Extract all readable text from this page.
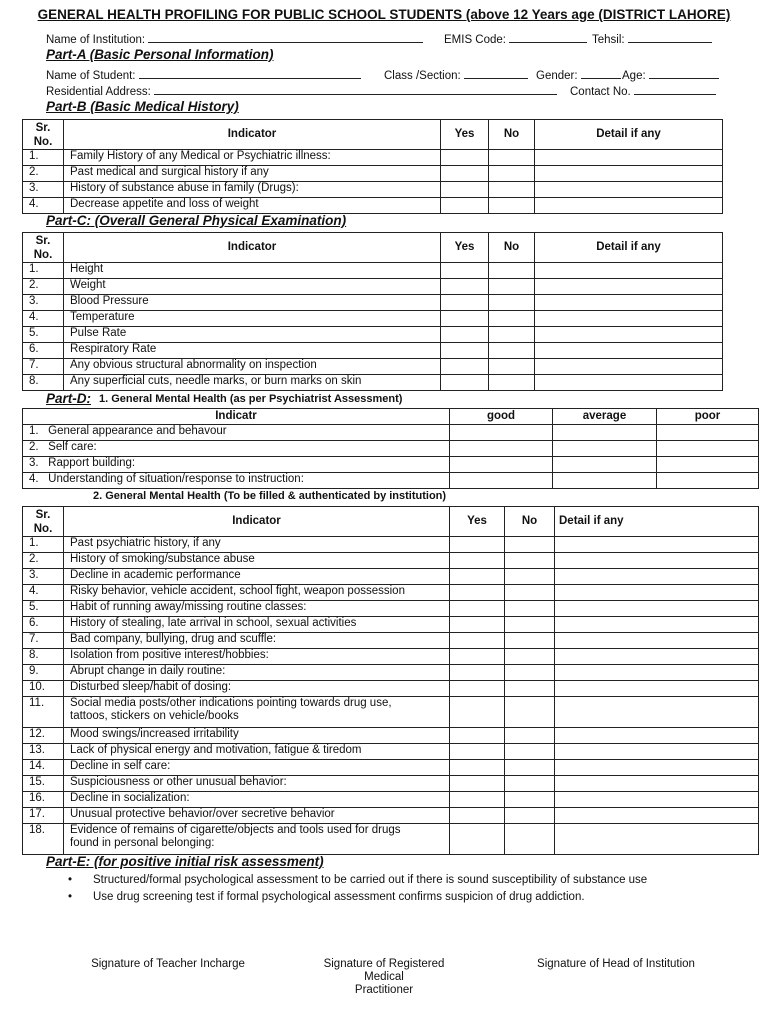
GENERAL HEALTH PROFILING FOR PUBLIC SCHOOL STUDENTS (above 12 Years age (DISTRICT LAHORE)
Name of Institution:	EMIS Code:	Tehsil:
Part-A (Basic Personal Information)
Name of Student:	Class /Section:	Gender:	Age:
Residential Address:	Contact No.
Part-B (Basic Medical History)
Sr. No.	Indicator	Yes	No	Detail if any
1.	Family History of any Medical or Psychiatric illness:			
2.	Past medical and surgical history if any			
3.	History of substance abuse in family (Drugs):			
4.	Decrease appetite and loss of weight			
Part-C: (Overall General Physical Examination)
Sr. No.	Indicator	Yes	No	Detail if any
1.	Height			
2.	Weight			
3.	Blood Pressure			
4.	Temperature			
5.	Pulse Rate			
6.	Respiratory Rate			
7.	Any obvious structural abnormality on inspection			
8.	Any superficial cuts, needle marks, or burn marks on skin			
Part-D: 1. General Mental Health (as per Psychiatrist Assessment)
Indicatr	good	average	poor
1.   General appearance and behavour			
2.   Self care:			
3.   Rapport building:			
4.   Understanding of situation/response to instruction:			
2. General Mental Health (To be filled & authenticated by institution)
Sr. No.	Indicator	Yes	No	Detail if any
1.	Past psychiatric history, if any			
2.	History of smoking/substance abuse			
3.	Decline in academic performance			
4.	Risky behavior, vehicle accident, school fight, weapon possession			
5.	Habit of running away/missing routine classes:			
6.	History of stealing, late arrival in school, sexual activities			
7.	Bad company, bullying, drug and scuffle:			
8.	Isolation from positive interest/hobbies:			
9.	Abrupt change in daily routine:			
10.	Disturbed sleep/habit of dosing:			
11.	Social media posts/other indications pointing towards drug use,
tattoos, stickers on vehicle/books			

12.	Mood swings/increased irritability			
13.	Lack of physical energy and motivation, fatigue & tiredom			
14.	Decline in self care:			
15.	Suspiciousness or other unusual behavior:			
16.	Decline in socialization:			
17.	Unusual protective behavior/over secretive behavior			
18.	Evidence of remains of cigarette/objects and tools used for drugs
found in personal belonging:			

Part-E: (for positive initial risk assessment)
• Structured/formal psychological assessment to be carried out if there is sound susceptibility of substance use
• Use drug screening test if formal psychological assessment confirms suspicion of drug addiction.
Signature of Teacher Incharge	Signature of Registered
Medical
Practitioner
Signature of Head of Institution
